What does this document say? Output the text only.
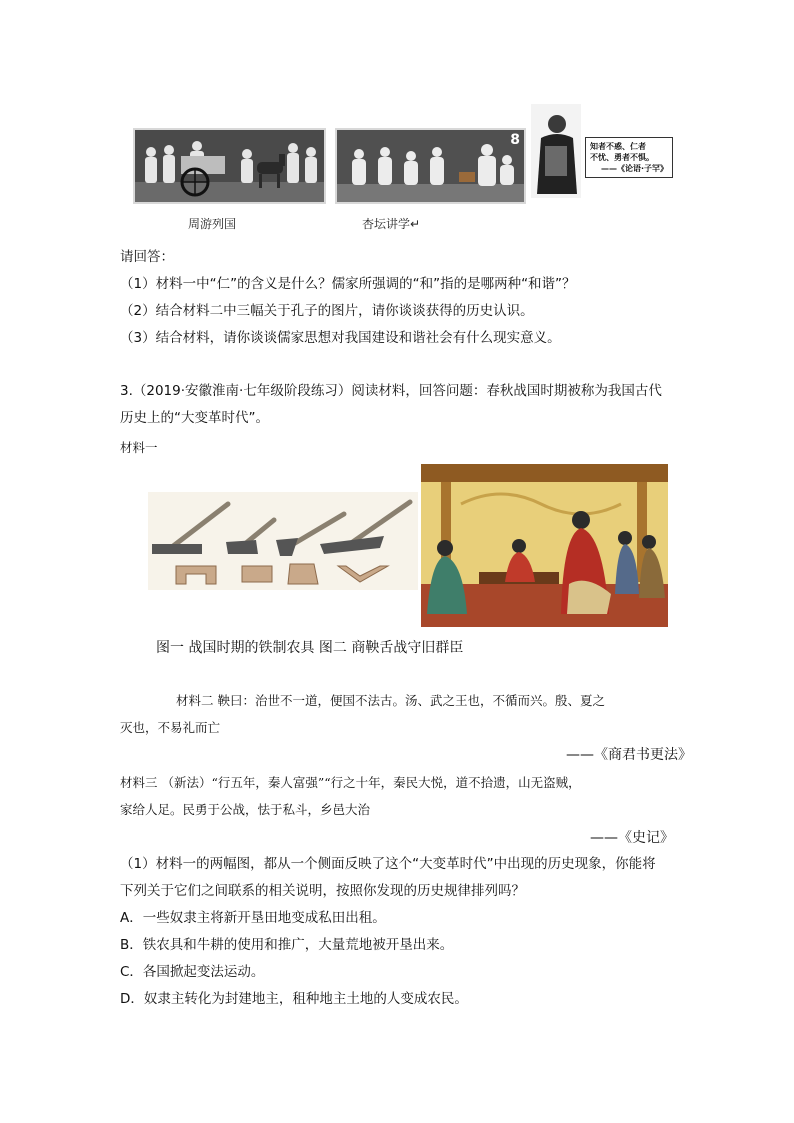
8	知者不惑、仁者
不忧、勇者不惧。
——《论语·子罕》
周游列国	杏坛讲学↵
请回答：
（1）材料一中“仁”的含义是什么？儒家所强调的“和”指的是哪两种“和谐”？
（2）结合材料二中三幅关于孔子的图片，请你谈谈获得的历史认识。
（3）结合材料，请你谈谈儒家思想对我国建设和谐社会有什么现实意义。
3.（2019·安徽淮南·七年级阶段练习）阅读材料，回答问题：春秋战国时期被称为我国古代
历史上的“大变革时代”。
材料一
图一 战国时期的铁制农具 图二 商鞅舌战守旧群臣
材料二 鞅曰：治世不一道，便国不法古。汤、武之王也，不循而兴。殷、夏之
灭也，不易礼而亡
——《商君书更法》
材料三 （新法）“行五年，秦人富强”“行之十年，秦民大悦，道不拾遗，山无盗贼，
家给人足。民勇于公战，怯于私斗，乡邑大治
——《史记》
（1）材料一的两幅图，都从一个侧面反映了这个“大变革时代”中出现的历史现象，你能将
下列关于它们之间联系的相关说明，按照你发现的历史规律排列吗？
A．一些奴隶主将新开垦田地变成私田出租。
B．铁农具和牛耕的使用和推广，大量荒地被开垦出来。
C．各国掀起变法运动。
D．奴隶主转化为封建地主，租种地主土地的人变成农民。
